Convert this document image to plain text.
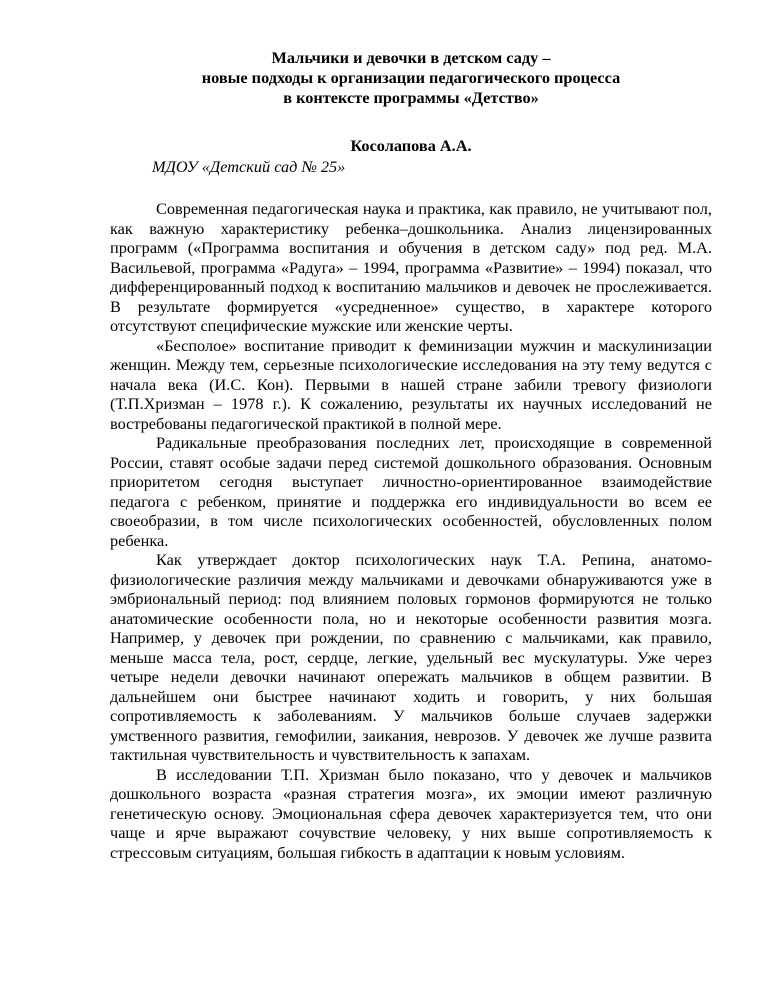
Мальчики и девочки в детском саду –
новые подходы к организации педагогического процесса
в контексте программы «Детство»

Косолапова А.А.

МДОУ «Детский сад № 25»

Современная педагогическая наука и практика, как правило, не учитывают пол, как важную характеристику ребенка–дошкольника. Анализ лицензированных программ («Программа воспитания и обучения в детском саду» под ред. М.А. Васильевой, программа «Радуга» – 1994, программа «Развитие» – 1994) показал, что дифференцированный подход к воспитанию мальчиков и девочек не прослеживается. В результате формируется «усредненное» существо, в характере которого отсутствуют специфические мужские или женские черты.

«Бесполое» воспитание приводит к феминизации мужчин и маскулинизации женщин. Между тем, серьезные психологические исследования на эту тему ведутся с начала века (И.С. Кон). Первыми в нашей стране забили тревогу физиологи (Т.П.Хризман – 1978 г.). К сожалению, результаты их научных исследований не востребованы педагогической практикой в полной мере.

Радикальные преобразования последних лет, происходящие в современной России, ставят особые задачи перед системой дошкольного образования. Основным приоритетом сегодня выступает личностно-ориентированное взаимодействие педагога с ребенком, принятие и поддержка его индивидуальности во всем ее своеобразии, в том числе психологических особенностей, обусловленных полом ребенка.

Как утверждает доктор психологических наук Т.А. Репина, анатомо-физиологические различия между мальчиками и девочками обнаруживаются уже в эмбриональный период: под влиянием половых гормонов формируются не только анатомические особенности пола, но и некоторые особенности развития мозга. Например, у девочек при рождении, по сравнению с мальчиками, как правило, меньше масса тела, рост, сердце, легкие, удельный вес мускулатуры. Уже через четыре недели девочки начинают опережать мальчиков в общем развитии. В дальнейшем они быстрее начинают ходить и говорить, у них большая сопротивляемость к заболеваниям. У мальчиков больше случаев задержки умственного развития, гемофилии, заикания, неврозов. У девочек же лучше развита тактильная чувствительность и чувствительность к запахам.

В исследовании Т.П. Хризман было показано, что у девочек и мальчиков дошкольного возраста «разная стратегия мозга», их эмоции имеют различную генетическую основу. Эмоциональная сфера девочек характеризуется тем, что они чаще и ярче выражают сочувствие человеку, у них выше сопротивляемость к стрессовым ситуациям, большая гибкость в адаптации к новым условиям.
